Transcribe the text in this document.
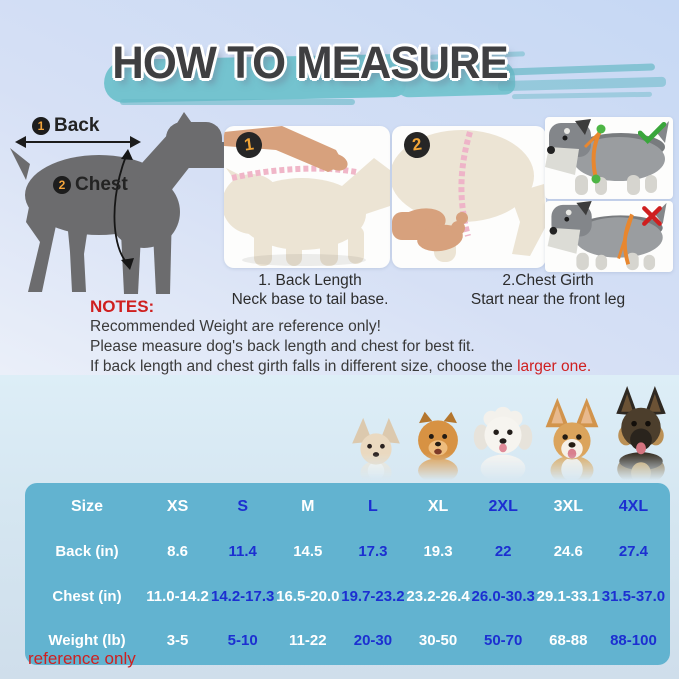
HOW TO MEASURE
1 Back
2 Chest
1	2
1. Back Length
Neck base to tail base.
2.Chest Girth
Start near the front leg
NOTES:
Recommended Weight are reference only!
Please measure dog's back length and chest for best fit.
If back length and chest girth falls in different size, choose the larger one.
Size	XS	S	M	L	XL	2XL	3XL	4XL
Back (in)	8.6	11.4	14.5	17.3	19.3	22	24.6	27.4
Chest (in)	11.0-14.2 14.2-17.3 16.5-20.0 19.7-23.2 23.2-26.4 26.0-30.3 29.1-33.1 31.5-37.0
Weight (lb)	3-5	5-10	11-22	20-30	30-50	50-70	68-88	88-100
reference only
